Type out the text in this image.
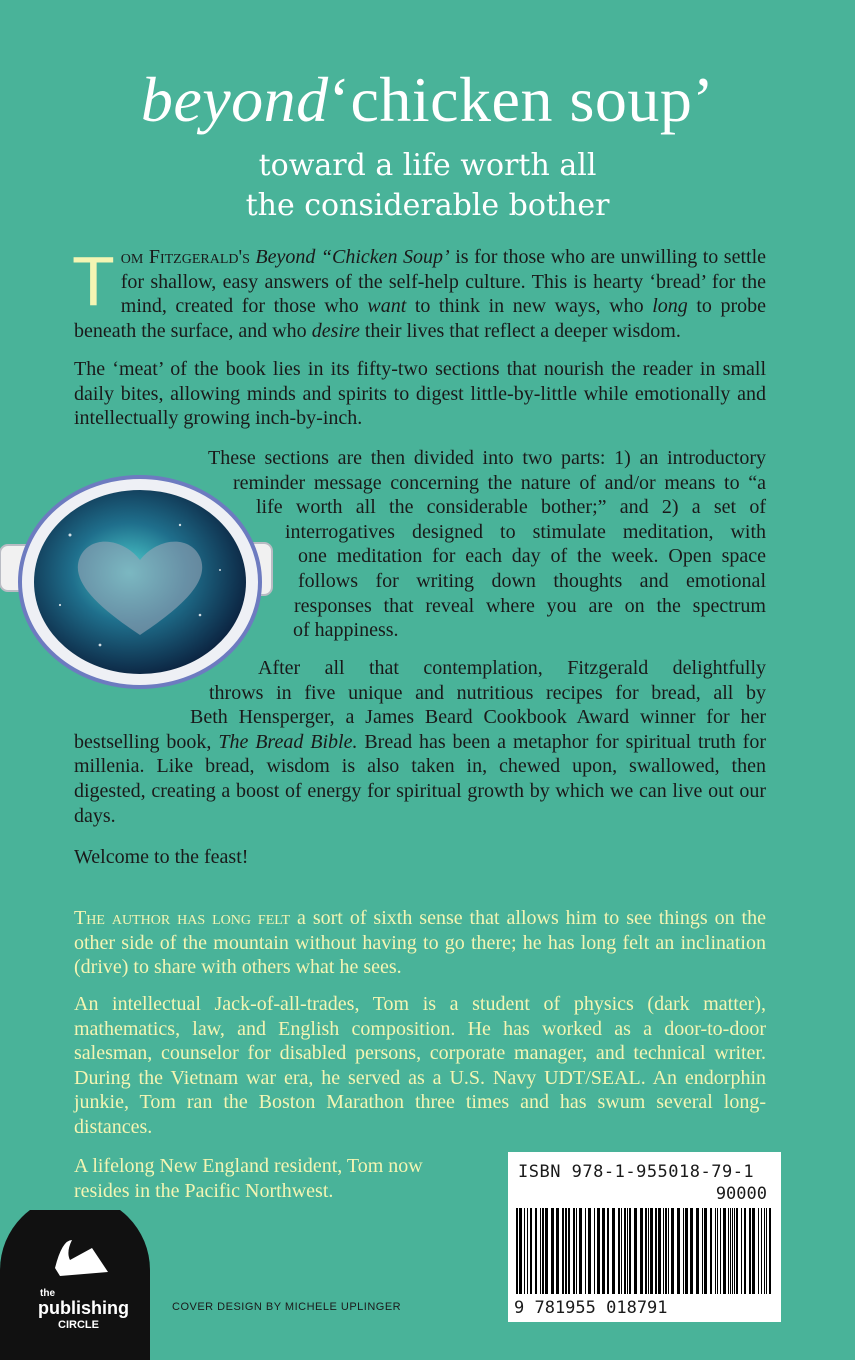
beyond‘chicken soup’
toward a life worth all
the considerable bother
Tom Fitzgerald's Beyond “Chicken Soup’ is for those who are unwilling to settle for shallow, easy answers of the self-help culture. This is hearty ‘bread’ for the mind, created for those who want to think in new ways, who long to probe beneath the surface, and who desire their lives that reflect a deeper wisdom.
The ‘meat’ of the book lies in its fifty-two sections that nourish the reader in small daily bites, allowing minds and spirits to digest little-by-little while emotionally and intellectually growing inch-by-inch.
These sections are then divided into two parts: 1) an introductory
reminder message concerning the nature of and/or means to “a
life worth all the considerable bother;” and 2) a set of
interrogatives designed to stimulate meditation, with
one meditation for each day of the week. Open space
follows for writing down thoughts and emotional
responses that reveal where you are on the spectrum
of happiness.
After all that contemplation, Fitzgerald delightfully
throws in five unique and nutritious recipes for bread, all by
Beth Hensperger, a James Beard Cookbook Award winner for her
bestselling book, The Bread Bible. Bread has been a metaphor for spiritual truth for millenia. Like bread, wisdom is also taken in, chewed upon, swallowed, then digested, creating a boost of energy for spiritual growth by which we can live out our days.
Welcome to the feast!
The author has long felt a sort of sixth sense that allows him to see things on the other side of the mountain without having to go there; he has long felt an inclination (drive) to share with others what he sees.
An intellectual Jack-of-all-trades, Tom is a student of physics (dark matter), mathematics, law, and English composition. He has worked as a door-to-door salesman, counselor for disabled persons, corporate manager, and technical writer. During the Vietnam war era, he served as a U.S. Navy UDT/SEAL. An endorphin junkie, Tom ran the Boston Marathon three times and has swum several long-distances.
A lifelong New England resident, Tom now
resides in the Pacific Northwest.
ISBN 978-1-955018-79-1
90000
9 781955 018791
the
publishing
CIRCLE
COVER DESIGN BY MICHELE UPLINGER
